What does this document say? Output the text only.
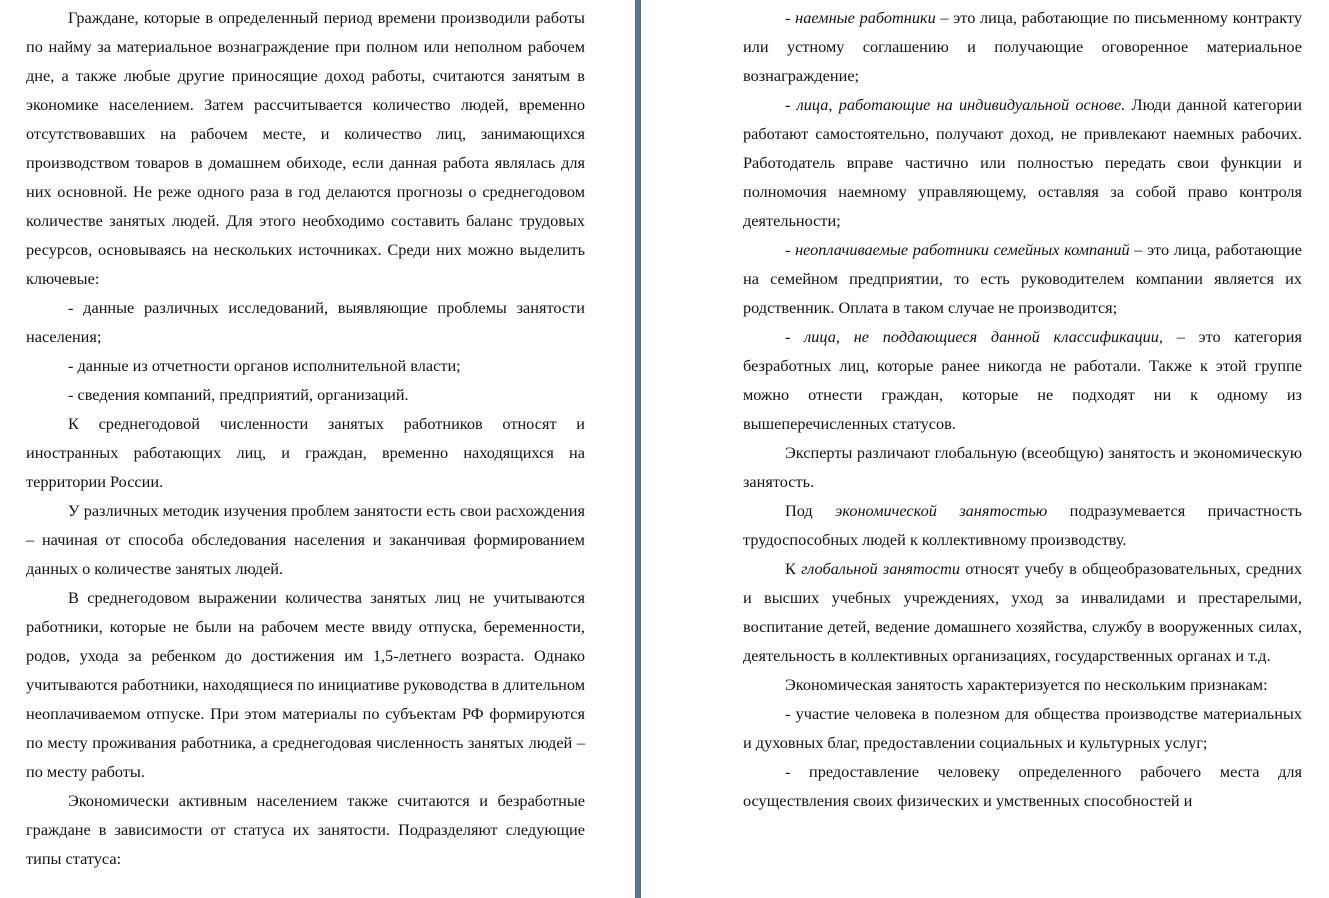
Граждане, которые в определенный период времени производили работы по найму за материальное вознаграждение при полном или неполном рабочем дне, а также любые другие приносящие доход работы, считаются занятым в экономике населением. Затем рассчитывается количество людей, временно отсутствовавших на рабочем месте, и количество лиц, занимающихся производством товаров в домашнем обиходе, если данная работа являлась для них основной. Не реже одного раза в год делаются прогнозы о среднегодовом количестве занятых людей. Для этого необходимо составить баланс трудовых ресурсов, основываясь на нескольких источниках. Среди них можно выделить ключевые:

- данные различных исследований, выявляющие проблемы занятости населения;

- данные из отчетности органов исполнительной власти;

- сведения компаний, предприятий, организаций.

К среднегодовой численности занятых работников относят и иностранных работающих лиц, и граждан, временно находящихся на территории России.

У различных методик изучения проблем занятости есть свои расхождения – начиная от способа обследования населения и заканчивая формированием данных о количестве занятых людей.

В среднегодовом выражении количества занятых лиц не учитываются работники, которые не были на рабочем месте ввиду отпуска, беременности, родов, ухода за ребенком до достижения им 1,5-летнего возраста. Однако учитываются работники, находящиеся по инициативе руководства в длительном неоплачиваемом отпуске. При этом материалы по субъектам РФ формируются по месту проживания работника, а среднегодовая численность занятых людей – по месту работы.

Экономически активным населением также считаются и безработные граждане в зависимости от статуса их занятости. Подразделяют следующие типы статуса:

- наемные работники – это лица, работающие по письменному контракту или устному соглашению и получающие оговоренное материальное вознаграждение;

- лица, работающие на индивидуальной основе. Люди данной категории работают самостоятельно, получают доход, не привлекают наемных рабочих. Работодатель вправе частично или полностью передать свои функции и полномочия наемному управляющему, оставляя за собой право контроля деятельности;

- неоплачиваемые работники семейных компаний – это лица, работающие на семейном предприятии, то есть руководителем компании является их родственник. Оплата в таком случае не производится;

- лица, не поддающиеся данной классификации, – это категория безработных лиц, которые ранее никогда не работали. Также к этой группе можно отнести граждан, которые не подходят ни к одному из вышеперечисленных статусов.

Эксперты различают глобальную (всеобщую) занятость и экономическую занятость.

Под экономической занятостью подразумевается причастность трудоспособных людей к коллективному производству.

К глобальной занятости относят учебу в общеобразовательных, средних и высших учебных учреждениях, уход за инвалидами и престарелыми, воспитание детей, ведение домашнего хозяйства, службу в вооруженных силах, деятельность в коллективных организациях, государственных органах и т.д.

Экономическая занятость характеризуется по нескольким признакам:

- участие человека в полезном для общества производстве материальных и духовных благ, предоставлении социальных и культурных услуг;

- предоставление человеку определенного рабочего места для осуществления своих физических и умственных способностей и
